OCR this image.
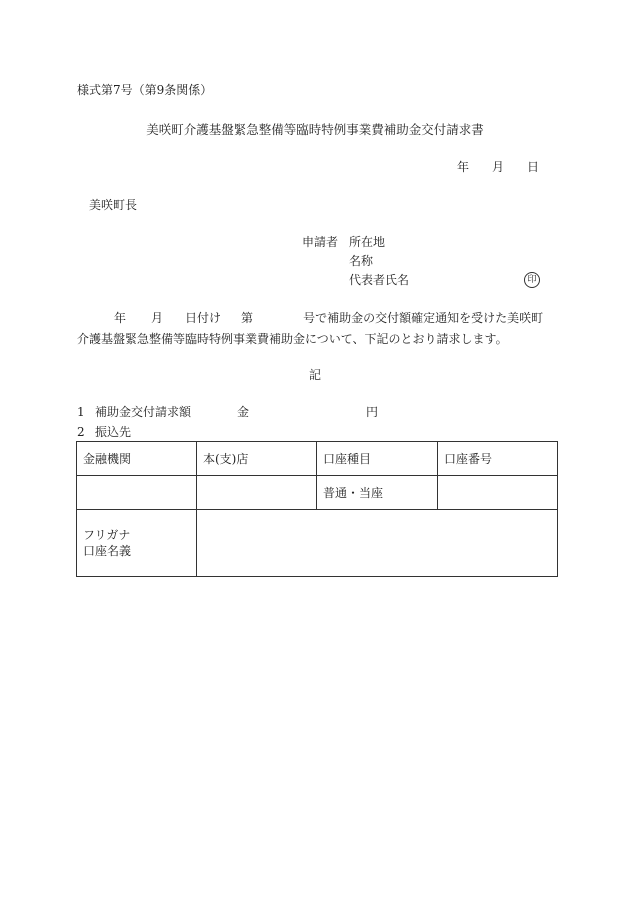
様式第7号（第9条関係）
美咲町介護基盤緊急整備等臨時特例事業費補助金交付請求書
年 月 日
美咲町長
申請者 所在地
名称
代表者氏名	印
年 月 日付け 第	号で補助金の交付額確定通知を受けた美咲町
介護基盤緊急整備等臨時特例事業費補助金について、下記のとおり請求します。
記
1 補助金交付請求額	金	円
2 振込先
金融機関	本(支)店	口座種目	口座番号
		普通・当座	

フリガナ
口座名義			
